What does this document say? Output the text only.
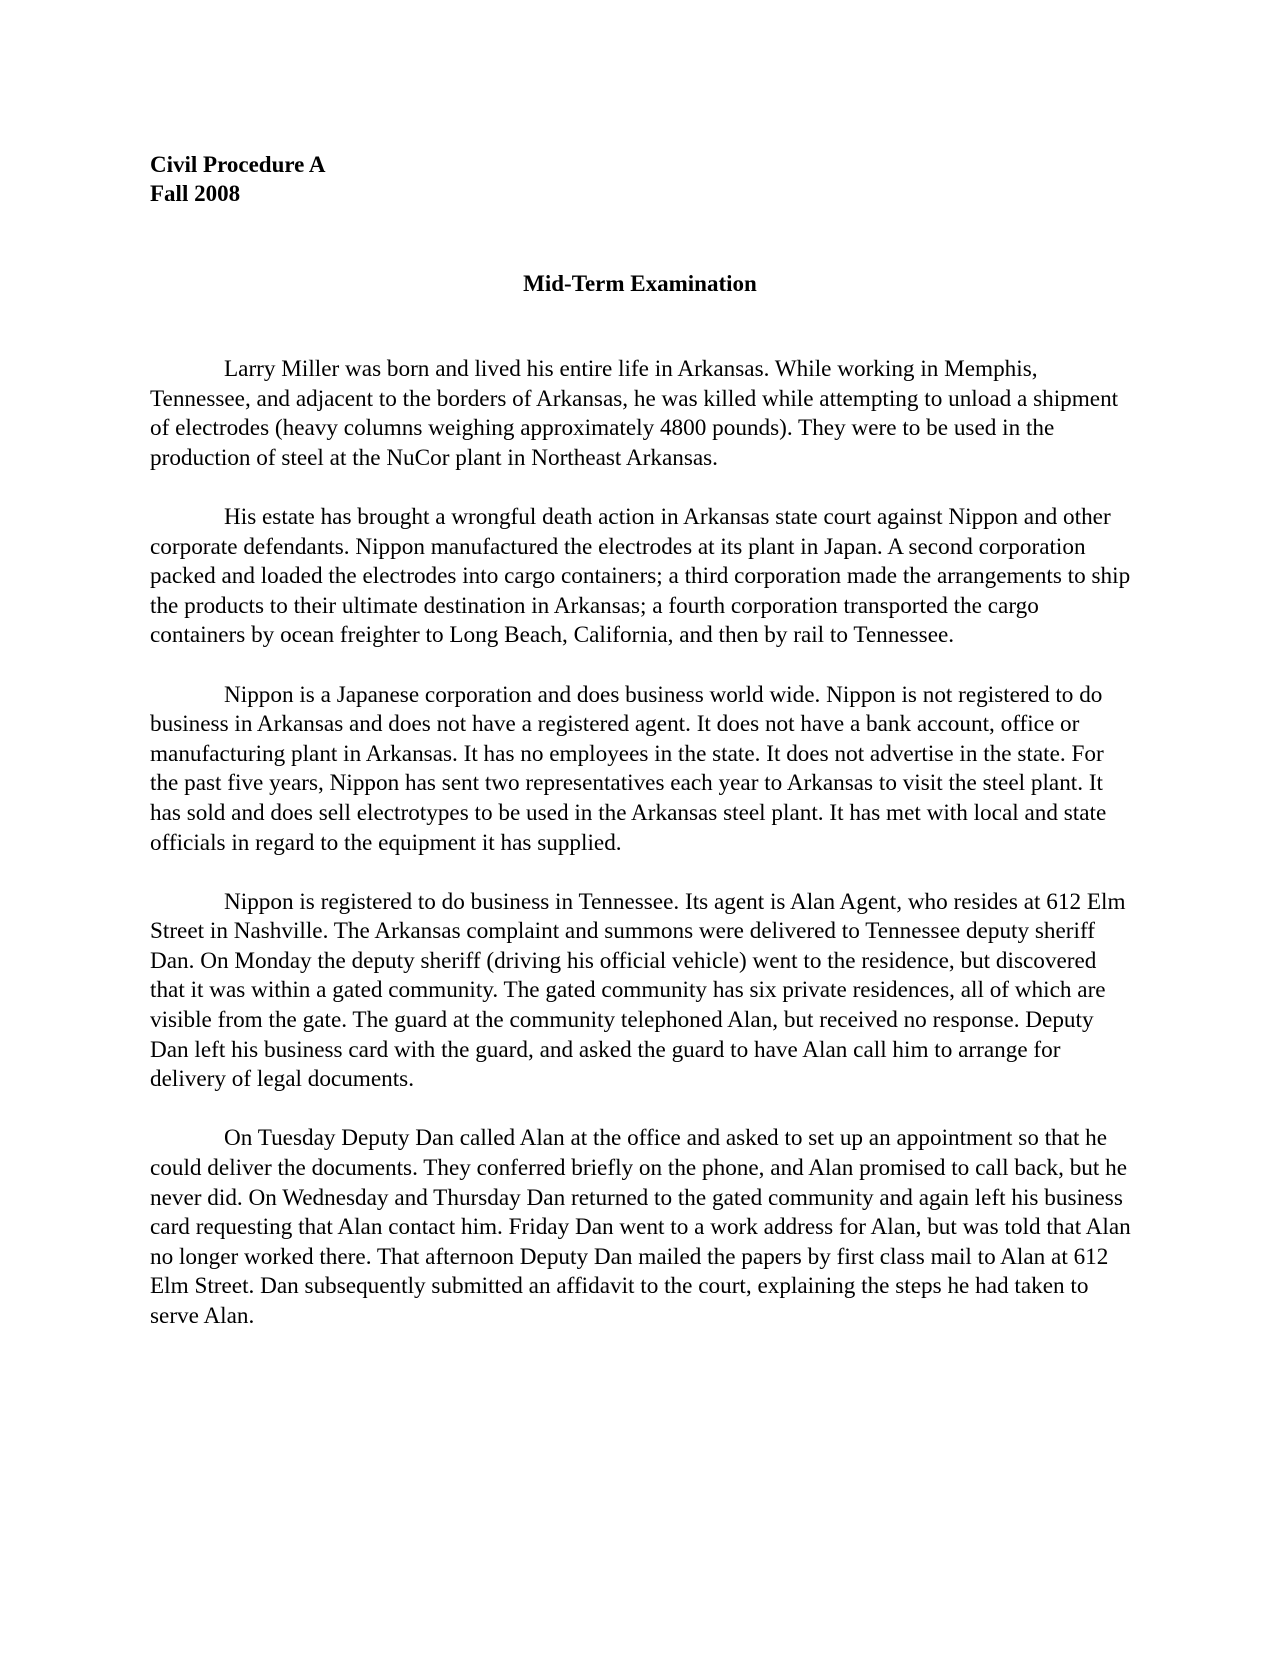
Civil Procedure A
Fall 2008
Mid-Term Examination

Larry Miller was born and lived his entire life in Arkansas. While working in Memphis, Tennessee, and adjacent to the borders of Arkansas, he was killed while attempting to unload a shipment of electrodes (heavy columns weighing approximately 4800 pounds). They were to be used in the production of steel at the NuCor plant in Northeast Arkansas.

His estate has brought a wrongful death action in Arkansas state court against Nippon and other corporate defendants. Nippon manufactured the electrodes at its plant in Japan. A second corporation packed and loaded the electrodes into cargo containers; a third corporation made the arrangements to ship the products to their ultimate destination in Arkansas; a fourth corporation transported the cargo containers by ocean freighter to Long Beach, California, and then by rail to Tennessee.

Nippon is a Japanese corporation and does business world wide. Nippon is not registered to do business in Arkansas and does not have a registered agent. It does not have a bank account, office or manufacturing plant in Arkansas. It has no employees in the state. It does not advertise in the state. For the past five years, Nippon has sent two representatives each year to Arkansas to visit the steel plant. It has sold and does sell electrotypes to be used in the Arkansas steel plant. It has met with local and state officials in regard to the equipment it has supplied.

Nippon is registered to do business in Tennessee. Its agent is Alan Agent, who resides at 612 Elm Street in Nashville. The Arkansas complaint and summons were delivered to Tennessee deputy sheriff Dan. On Monday the deputy sheriff (driving his official vehicle) went to the residence, but discovered that it was within a gated community. The gated community has six private residences, all of which are visible from the gate. The guard at the community telephoned Alan, but received no response. Deputy Dan left his business card with the guard, and asked the guard to have Alan call him to arrange for delivery of legal documents.

On Tuesday Deputy Dan called Alan at the office and asked to set up an appointment so that he could deliver the documents. They conferred briefly on the phone, and Alan promised to call back, but he never did. On Wednesday and Thursday Dan returned to the gated community and again left his business card requesting that Alan contact him. Friday Dan went to a work address for Alan, but was told that Alan no longer worked there. That afternoon Deputy Dan mailed the papers by first class mail to Alan at 612 Elm Street. Dan subsequently submitted an affidavit to the court, explaining the steps he had taken to serve Alan.
